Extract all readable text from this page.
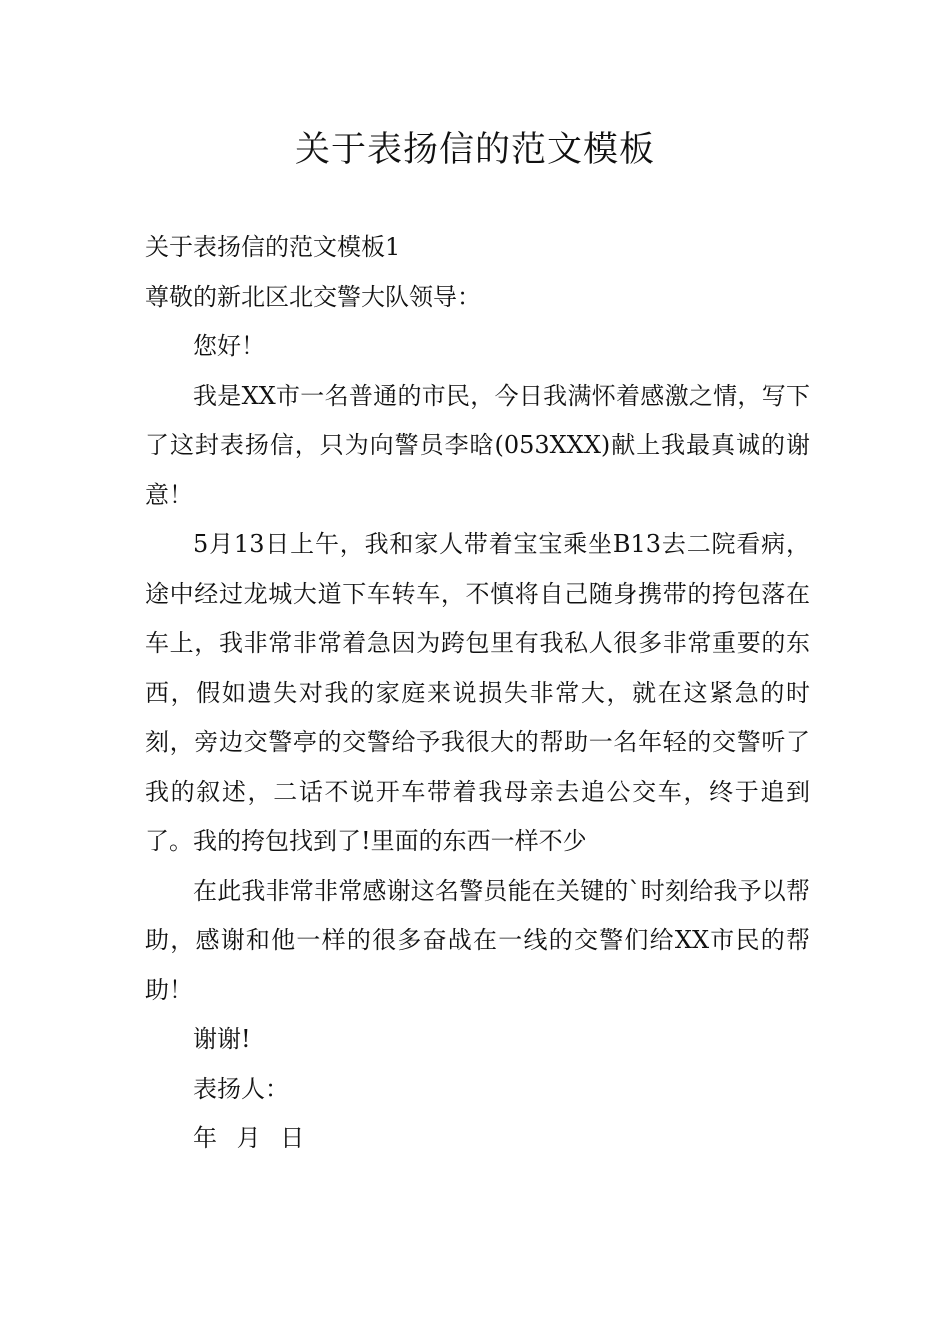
关于表扬信的范文模板

关于表扬信的范文模板1

尊敬的新北区北交警大队领导：

您好！

我是XX市一名普通的市民，今日我满怀着感激之情，写下了这封表扬信，只为向警员李晗(053XXX)献上我最真诚的谢意！

5月13日上午，我和家人带着宝宝乘坐B13去二院看病，途中经过龙城大道下车转车，不慎将自己随身携带的挎包落在车上，我非常非常着急因为跨包里有我私人很多非常重要的东西，假如遗失对我的家庭来说损失非常大，就在这紧急的时刻，旁边交警亭的交警给予我很大的帮助一名年轻的交警听了我的叙述，二话不说开车带着我母亲去追公交车，终于追到了。我的挎包找到了!里面的东西一样不少

在此我非常非常感谢这名警员能在关键的`时刻给我予以帮助，感谢和他一样的很多奋战在一线的交警们给XX市民的帮助！

谢谢!

表扬人：

年 月 日
